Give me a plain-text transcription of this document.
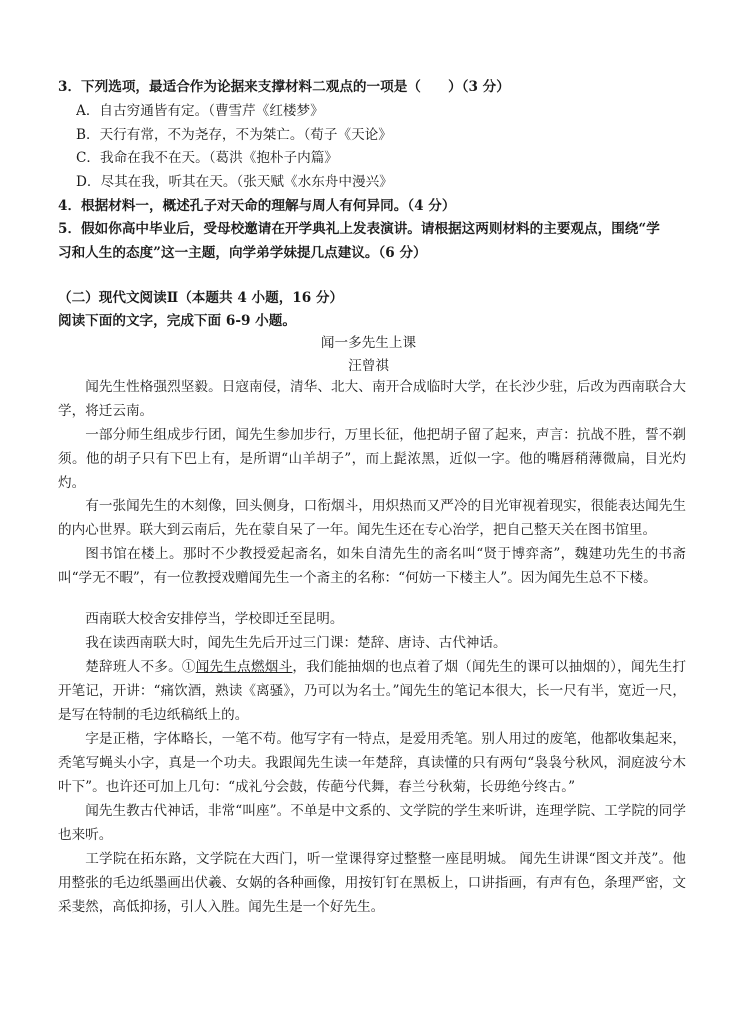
3．下列选项，最适合作为论据来支撑材料二观点的一项是（　　）（3 分）

A．自古穷通皆有定。（曹雪芹《红楼梦》

B．天行有常，不为尧存，不为桀亡。（荀子《天论》

C．我命在我不在天。（葛洪《抱朴子内篇》

D．尽其在我，听其在天。（张天赋《水东舟中漫兴》

4．根据材料一，概述孔子对天命的理解与周人有何异同。（4 分）

5．假如你高中毕业后，受母校邀请在开学典礼上发表演讲。请根据这两则材料的主要观点，围绕“学

习和人生的态度”这一主题，向学弟学妹提几点建议。（6 分）

（二）现代文阅读Ⅱ（本题共 4 小题，16 分）

阅读下面的文字，完成下面 6-9 小题。

闻一多先生上课

汪曾祺

闻先生性格强烈坚毅。日寇南侵，清华、北大、南开合成临时大学，在长沙少驻，后改为西南联合大学，将迁云南。

一部分师生组成步行团，闻先生参加步行，万里长征，他把胡子留了起来，声言：抗战不胜，誓不剃须。他的胡子只有下巴上有，是所谓“山羊胡子”，而上髭浓黑，近似一字。他的嘴唇稍薄微扁，目光灼灼。

有一张闻先生的木刻像，回头侧身，口衔烟斗，用炽热而又严冷的目光审视着现实，很能表达闻先生的内心世界。联大到云南后，先在蒙自呆了一年。闻先生还在专心治学，把自己整天关在图书馆里。

图书馆在楼上。那时不少教授爱起斋名，如朱自清先生的斋名叫“贤于博弈斋”，魏建功先生的书斋叫“学无不暇”，有一位教授戏赠闻先生一个斋主的名称：“何妨一下楼主人”。因为闻先生总不下楼。

西南联大校舍安排停当，学校即迁至昆明。

我在读西南联大时，闻先生先后开过三门课：楚辞、唐诗、古代神话。

楚辞班人不多。①闻先生点燃烟斗，我们能抽烟的也点着了烟（闻先生的课可以抽烟的），闻先生打开笔记，开讲：“痛饮酒，熟读《离骚》，乃可以为名士。”闻先生的笔记本很大，长一尺有半，宽近一尺，是写在特制的毛边纸稿纸上的。

字是正楷，字体略长，一笔不苟。他写字有一特点，是爱用秃笔。别人用过的废笔，他都收集起来，秃笔写蝇头小字，真是一个功夫。我跟闻先生读一年楚辞，真读懂的只有两句“袅袅兮秋风，洞庭波兮木叶下”。也许还可加上几句：“成礼兮会鼓，传葩兮代舞，春兰兮秋菊，长毋绝兮终古。”

闻先生教古代神话，非常“叫座”。不单是中文系的、文学院的学生来听讲，连理学院、工学院的同学也来听。

工学院在拓东路，文学院在大西门，听一堂课得穿过整整一座昆明城。 闻先生讲课“图文并茂”。他用整张的毛边纸墨画出伏羲、女娲的各种画像，用按钉钉在黑板上，口讲指画，有声有色，条理严密，文采斐然，高低抑扬，引人入胜。闻先生是一个好先生。
